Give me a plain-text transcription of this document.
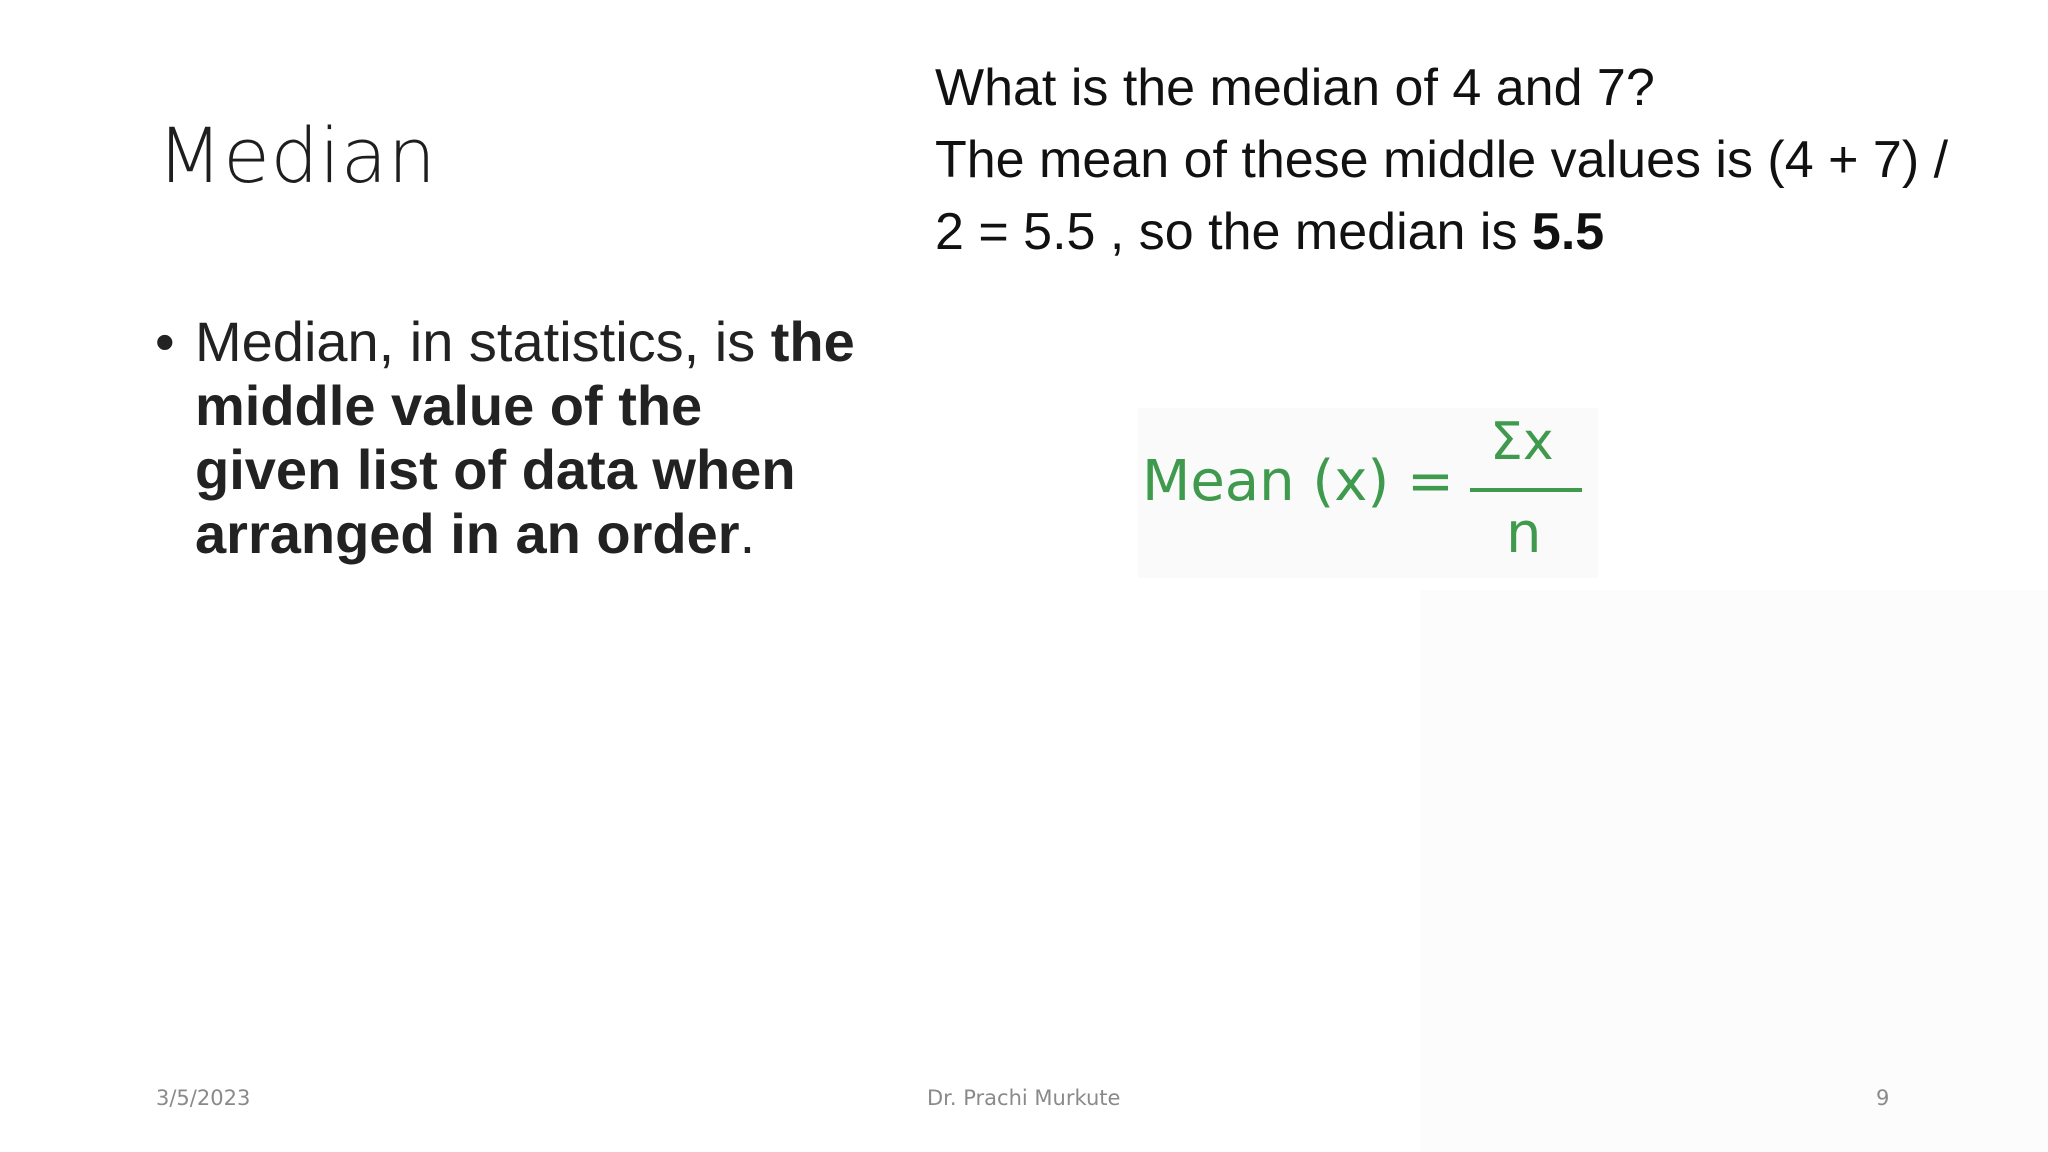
Median
What is the median of 4 and 7?
The mean of these middle values is (4 + 7) /
2 = 5.5 , so the median is 5.5
• Median, in statistics, is the
middle value of the
given list of data when
arranged in an order.
Mean (x) =
Σx
n
3/5/2023	Dr. Prachi Murkute	9
